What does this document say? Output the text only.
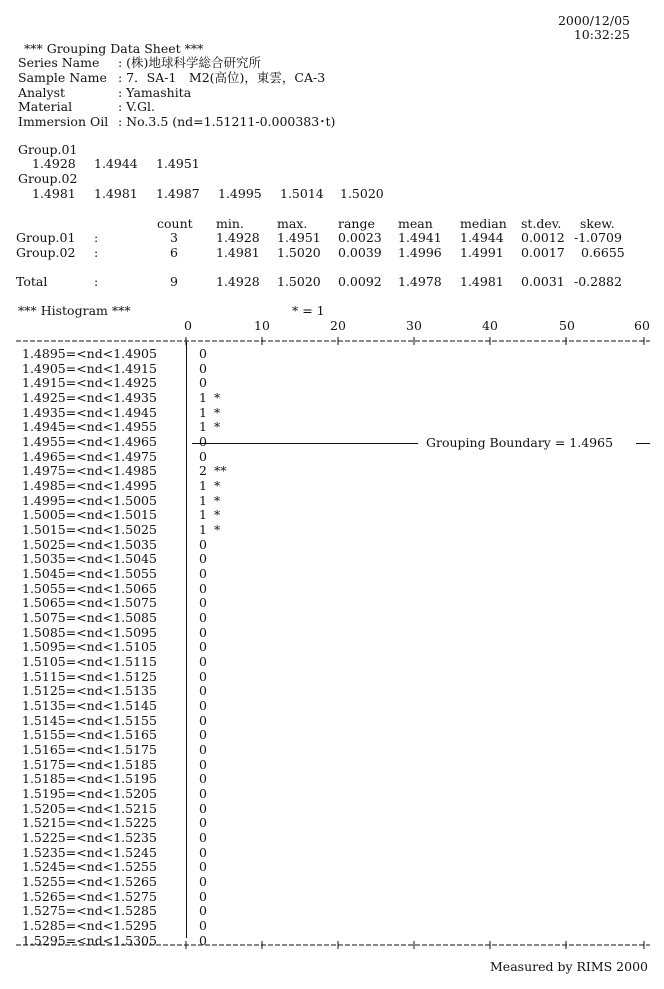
2000/12/05
10:32:25
*** Grouping Data Sheet ***
Series Name : (株)地球科学総合研究所
Sample Name : 7．SA-1　M2(高位)，東雲，CA-3
Analyst	: Yamashita
Material	: V.Gl.
Immersion Oil : No.3.5 (nd=1.51211-0.000383･t)
Group.01
1.4928 1.4944 1.4951
Group.02
1.4981 1.4981 1.4987 1.4995 1.5014 1.5020
count min.	max. range mean median st.dev. skew.
Group.01 :	3	1.4928 1.4951 0.0023 1.4941 1.4944 0.0012 -1.0709
Group.02 :	6	1.4981 1.5020 0.0039 1.4996 1.4991 0.0017 0.6655
Total	:	9	1.4928 1.5020 0.0092 1.4978 1.4981 0.0031 -0.2882
*** Histogram ***	* = 1
0	10	20	30	40	50	60
1.4895=<nd<1.4905	0
1.4905=<nd<1.4915	0
1.4915=<nd<1.4925	0
1.4925=<nd<1.4935	1 *
1.4935=<nd<1.4945	1 *
1.4945=<nd<1.4955	1 *
1.4955=<nd<1.4965	0
1.4965=<nd<1.4975	0
1.4975=<nd<1.4985	2 **
1.4985=<nd<1.4995	1 *
1.4995=<nd<1.5005	1 *
1.5005=<nd<1.5015	1 *
1.5015=<nd<1.5025	1 *
1.5025=<nd<1.5035	0
1.5035=<nd<1.5045	0
1.5045=<nd<1.5055	0
1.5055=<nd<1.5065	0
1.5065=<nd<1.5075	0
1.5075=<nd<1.5085	0
1.5085=<nd<1.5095	0
1.5095=<nd<1.5105	0
1.5105=<nd<1.5115	0
1.5115=<nd<1.5125	0
1.5125=<nd<1.5135	0
1.5135=<nd<1.5145	0
1.5145=<nd<1.5155	0
1.5155=<nd<1.5165	0
1.5165=<nd<1.5175	0
1.5175=<nd<1.5185	0
1.5185=<nd<1.5195	0
1.5195=<nd<1.5205	0
1.5205=<nd<1.5215	0
1.5215=<nd<1.5225	0
1.5225=<nd<1.5235	0
1.5235=<nd<1.5245	0
1.5245=<nd<1.5255	0
1.5255=<nd<1.5265	0
1.5265=<nd<1.5275	0
1.5275=<nd<1.5285	0
1.5285=<nd<1.5295	0
1.5295=<nd<1.5305	0
Grouping Boundary = 1.4965
Measured by RIMS 2000
